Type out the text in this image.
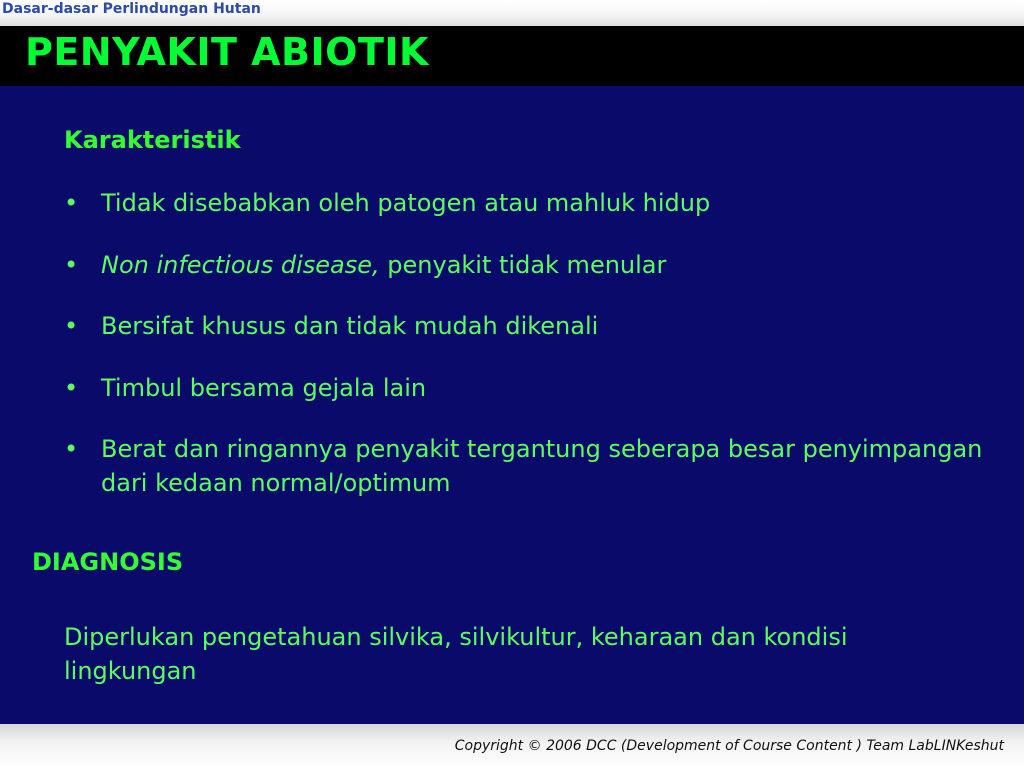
Dasar-dasar Perlindungan Hutan
PENYAKIT ABIOTIK
Karakteristik
• Tidak disebabkan oleh patogen atau mahluk hidup
• Non infectious disease, penyakit tidak menular
• Bersifat khusus dan tidak mudah dikenali
• Timbul bersama gejala lain
• Berat dan ringannya penyakit tergantung seberapa besar penyimpangan dari kedaan normal/optimum
DIAGNOSIS
Diperlukan pengetahuan silvika, silvikultur, keharaan dan kondisi lingkungan
Copyright © 2006 DCC (Development of Course Content ) Team LabLINKeshut
